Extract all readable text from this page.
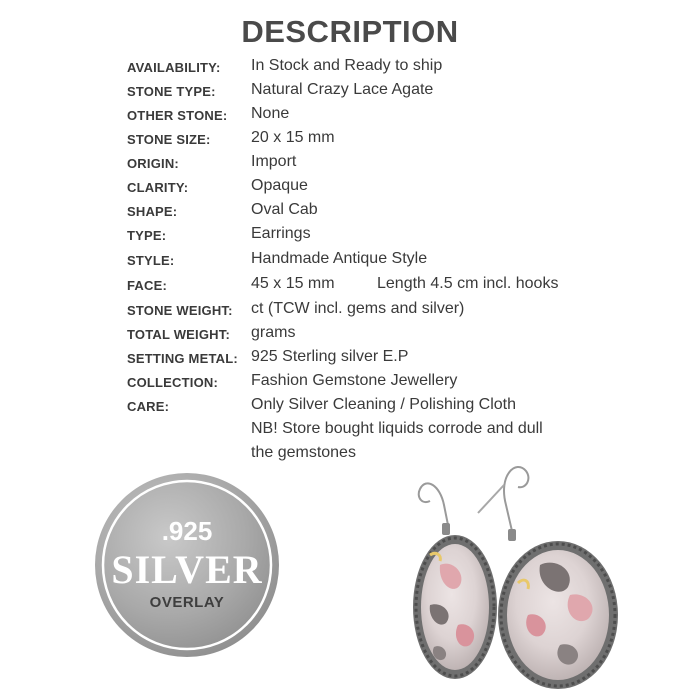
DESCRIPTION
AVAILABILITY: In Stock and Ready to ship
STONE TYPE: Natural Crazy Lace Agate
OTHER STONE: None
STONE SIZE:	20 x 15 mm
ORIGIN:	Import
CLARITY:	Opaque
SHAPE:	Oval Cab
TYPE:	Earrings
STYLE:	Handmade Antique Style
FACE:	45 x 15 mm	Length 4.5 cm incl. hooks
STONE WEIGHT: ct (TCW incl. gems and silver)
TOTAL WEIGHT: grams
SETTING METAL: 925 Sterling silver E.P
COLLECTION: Fashion Gemstone Jewellery
CARE:	Only Silver Cleaning / Polishing Cloth
NB! Store bought liquids corrode and dull
the gemstones
.925
SILVER
OVERLAY
